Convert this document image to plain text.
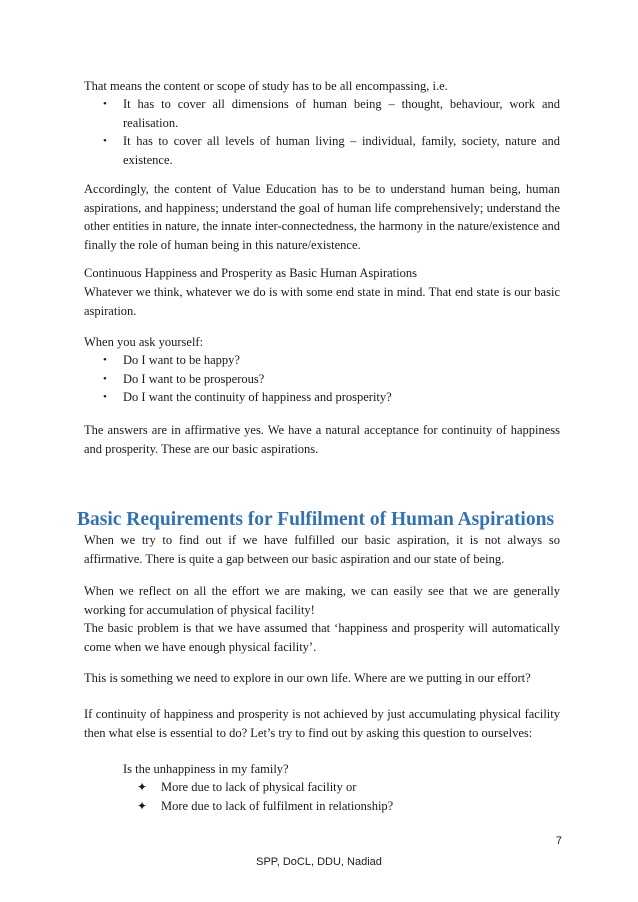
That means the content or scope of study has to be all encompassing, i.e.

• It has to cover all dimensions of human being – thought, behaviour, work and realisation.
• It has to cover all levels of human living – individual, family, society, nature and existence.

Accordingly, the content of Value Education has to be to understand human being, human aspirations, and happiness; understand the goal of human life comprehensively; understand the other entities in nature, the innate inter-connectedness, the harmony in the nature/existence and finally the role of human being in this nature/existence.

Continuous Happiness and Prosperity as Basic Human Aspirations

Whatever we think, whatever we do is with some end state in mind. That end state is our basic aspiration.

When you ask yourself:

• Do I want to be happy?
• Do I want to be prosperous?
• Do I want the continuity of happiness and prosperity?

The answers are in affirmative yes. We have a natural acceptance for continuity of happiness and prosperity. These are our basic aspirations.

Basic Requirements for Fulfilment of Human Aspirations

When we try to find out if we have fulfilled our basic aspiration, it is not always so affirmative. There is quite a gap between our basic aspiration and our state of being.

When we reflect on all the effort we are making, we can easily see that we are generally working for accumulation of physical facility!

The basic problem is that we have assumed that ‘happiness and prosperity will automatically come when we have enough physical facility’.

This is something we need to explore in our own life. Where are we putting in our effort?

If continuity of happiness and prosperity is not achieved by just accumulating physical facility then what else is essential to do? Let’s try to find out by asking this question to ourselves:

Is the unhappiness in my family?

✦ More due to lack of physical facility or
✦ More due to lack of fulfilment in relationship?

7

SPP, DoCL, DDU, Nadiad
